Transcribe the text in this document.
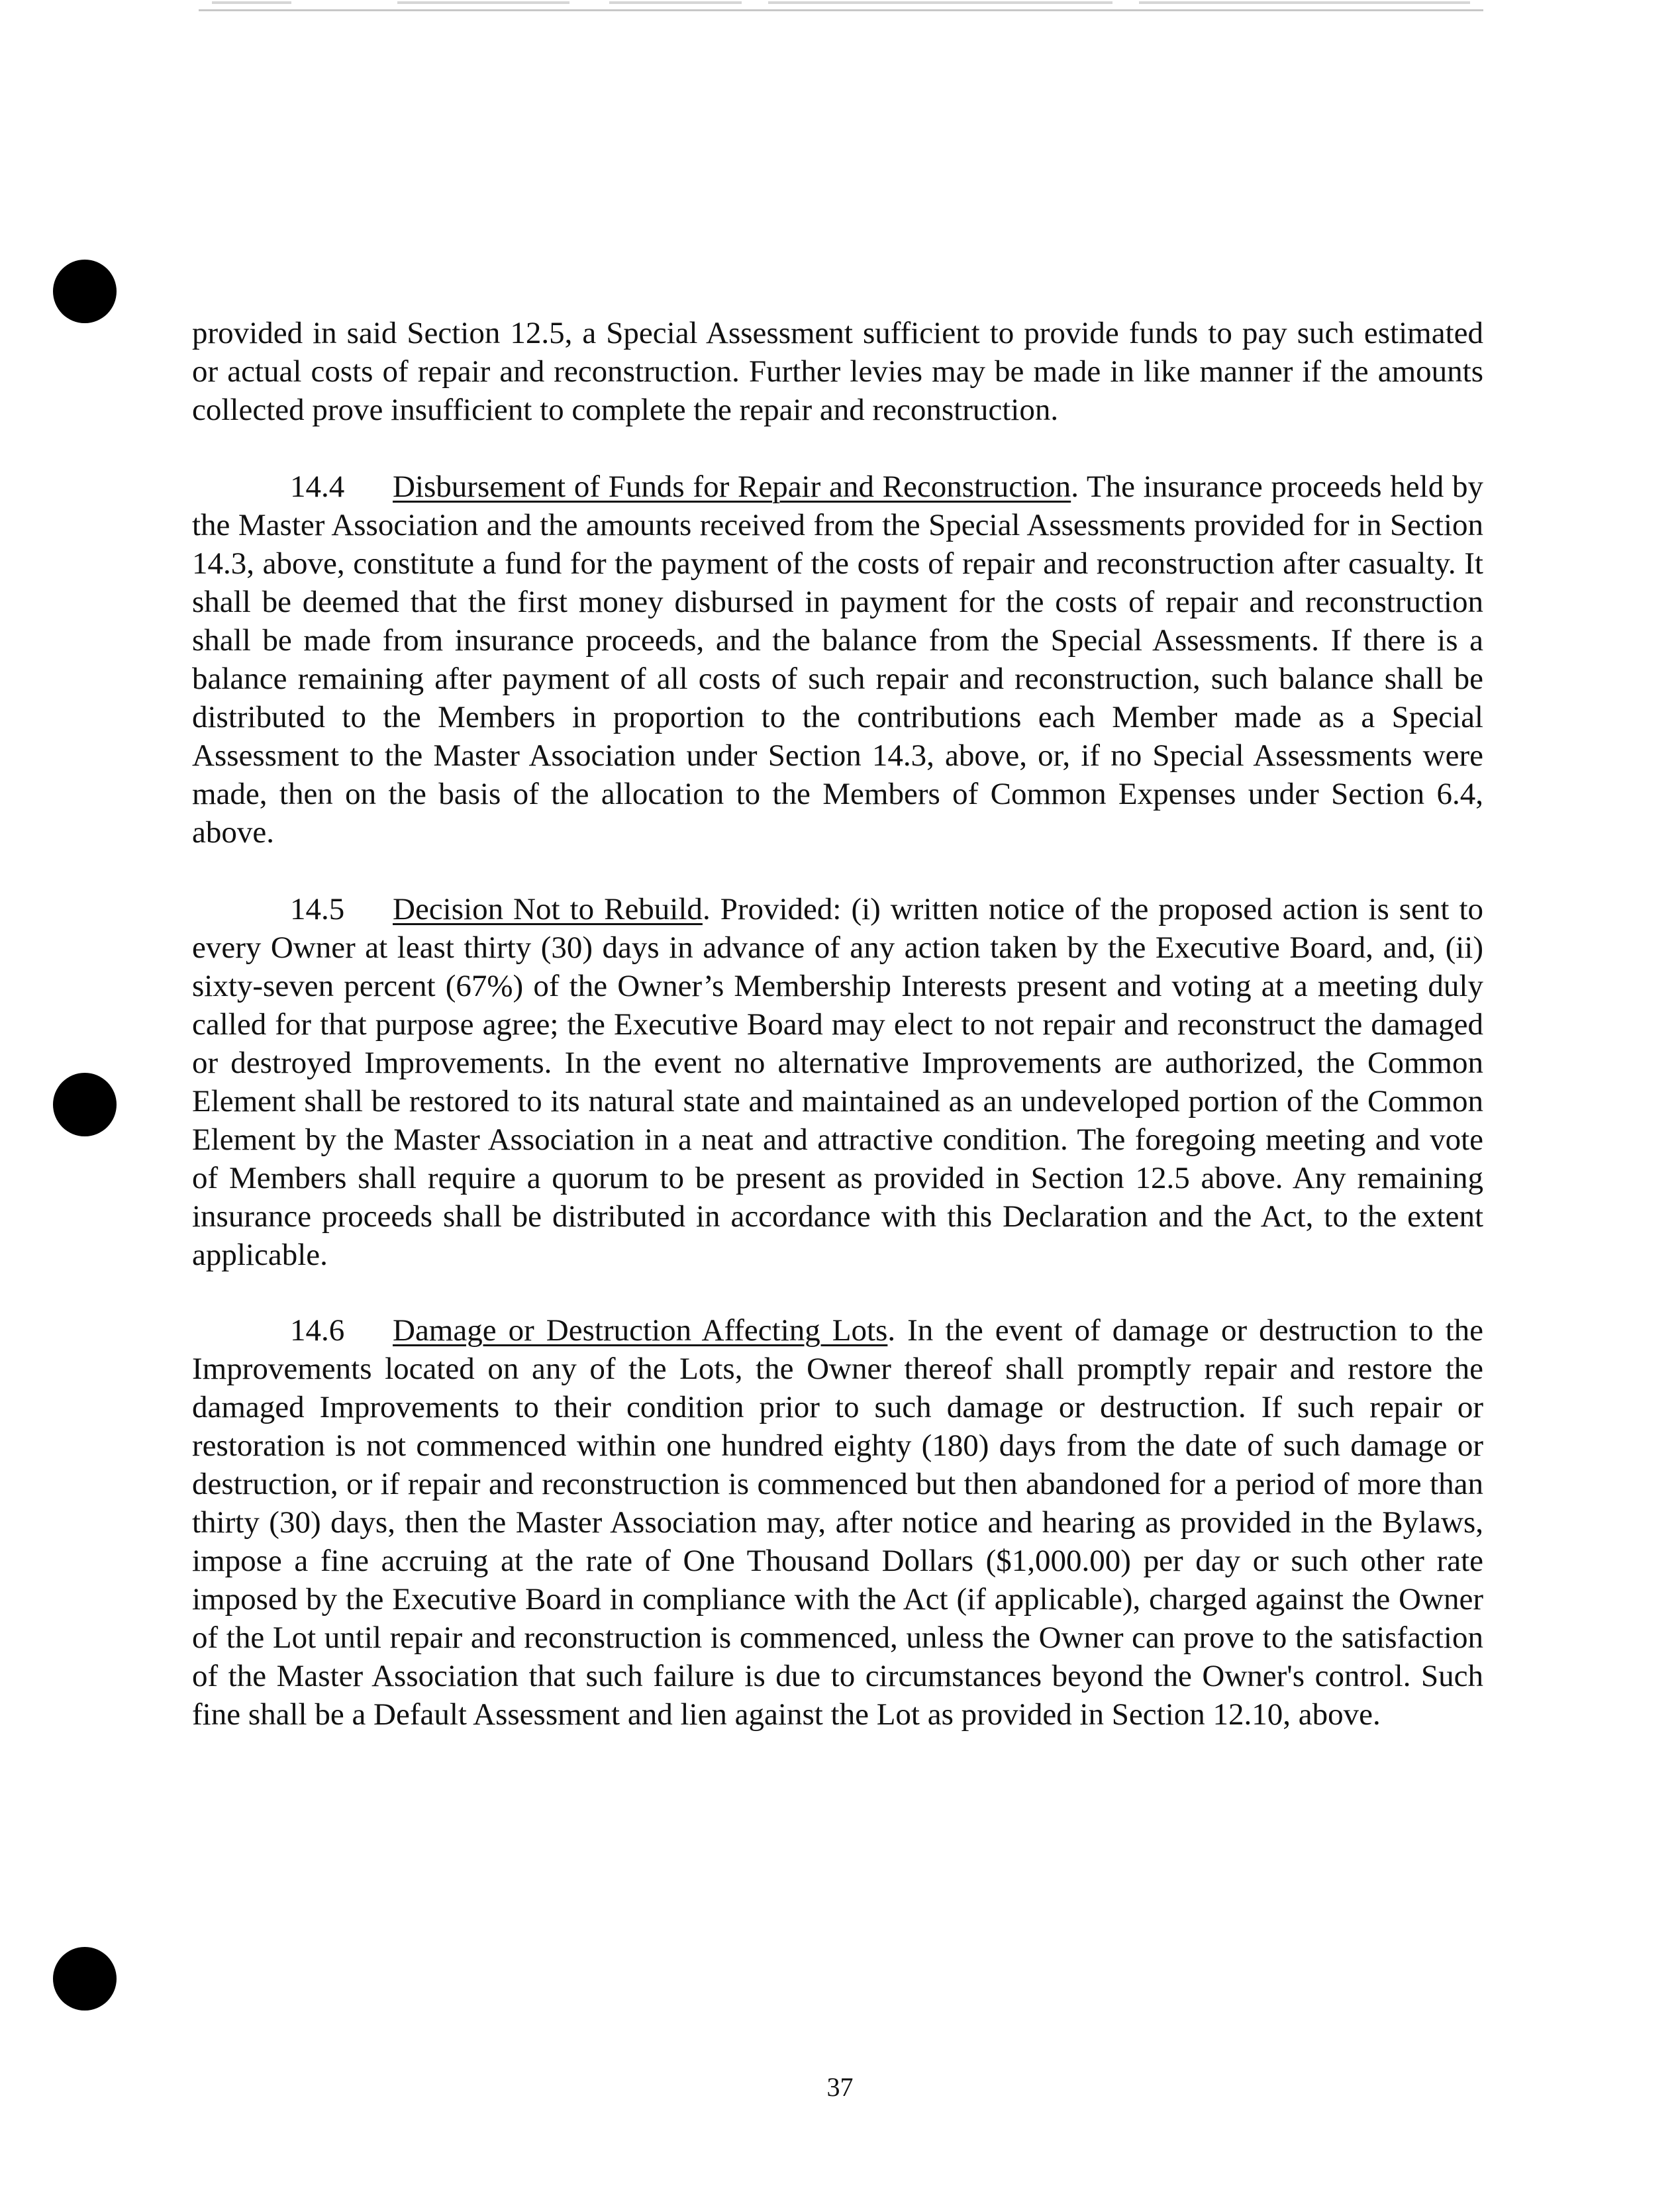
provided in said Section 12.5, a Special Assessment sufficient to provide funds to pay such estimated or actual costs of repair and reconstruction. Further levies may be made in like manner if the amounts collected prove insufficient to complete the repair and reconstruction.

14.4 Disbursement of Funds for Repair and Reconstruction. The insurance proceeds held by the Master Association and the amounts received from the Special Assessments provided for in Section 14.3, above, constitute a fund for the payment of the costs of repair and reconstruction after casualty. It shall be deemed that the first money disbursed in payment for the costs of repair and reconstruction shall be made from insurance proceeds, and the balance from the Special Assessments. If there is a balance remaining after payment of all costs of such repair and reconstruction, such balance shall be distributed to the Members in proportion to the contributions each Member made as a Special Assessment to the Master Association under Section 14.3, above, or, if no Special Assessments were made, then on the basis of the allocation to the Members of Common Expenses under Section 6.4, above.

14.5 Decision Not to Rebuild. Provided: (i) written notice of the proposed action is sent to every Owner at least thirty (30) days in advance of any action taken by the Executive Board, and, (ii) sixty-seven percent (67%) of the Owner’s Membership Interests present and voting at a meeting duly called for that purpose agree; the Executive Board may elect to not repair and reconstruct the damaged or destroyed Improvements. In the event no alternative Improvements are authorized, the Common Element shall be restored to its natural state and maintained as an undeveloped portion of the Common Element by the Master Association in a neat and attractive condition. The foregoing meeting and vote of Members shall require a quorum to be present as provided in Section 12.5 above. Any remaining insurance proceeds shall be distributed in accordance with this Declaration and the Act, to the extent applicable.

14.6 Damage or Destruction Affecting Lots. In the event of damage or destruction to the Improvements located on any of the Lots, the Owner thereof shall promptly repair and restore the damaged Improvements to their condition prior to such damage or destruction. If such repair or restoration is not commenced within one hundred eighty (180) days from the date of such damage or destruction, or if repair and reconstruction is commenced but then abandoned for a period of more than thirty (30) days, then the Master Association may, after notice and hearing as provided in the Bylaws, impose a fine accruing at the rate of One Thousand Dollars ($1,000.00) per day or such other rate imposed by the Executive Board in compliance with the Act (if applicable), charged against the Owner of the Lot until repair and reconstruction is commenced, unless the Owner can prove to the satisfaction of the Master Association that such failure is due to circumstances beyond the Owner's control. Such fine shall be a Default Assessment and lien against the Lot as provided in Section 12.10, above.

37
